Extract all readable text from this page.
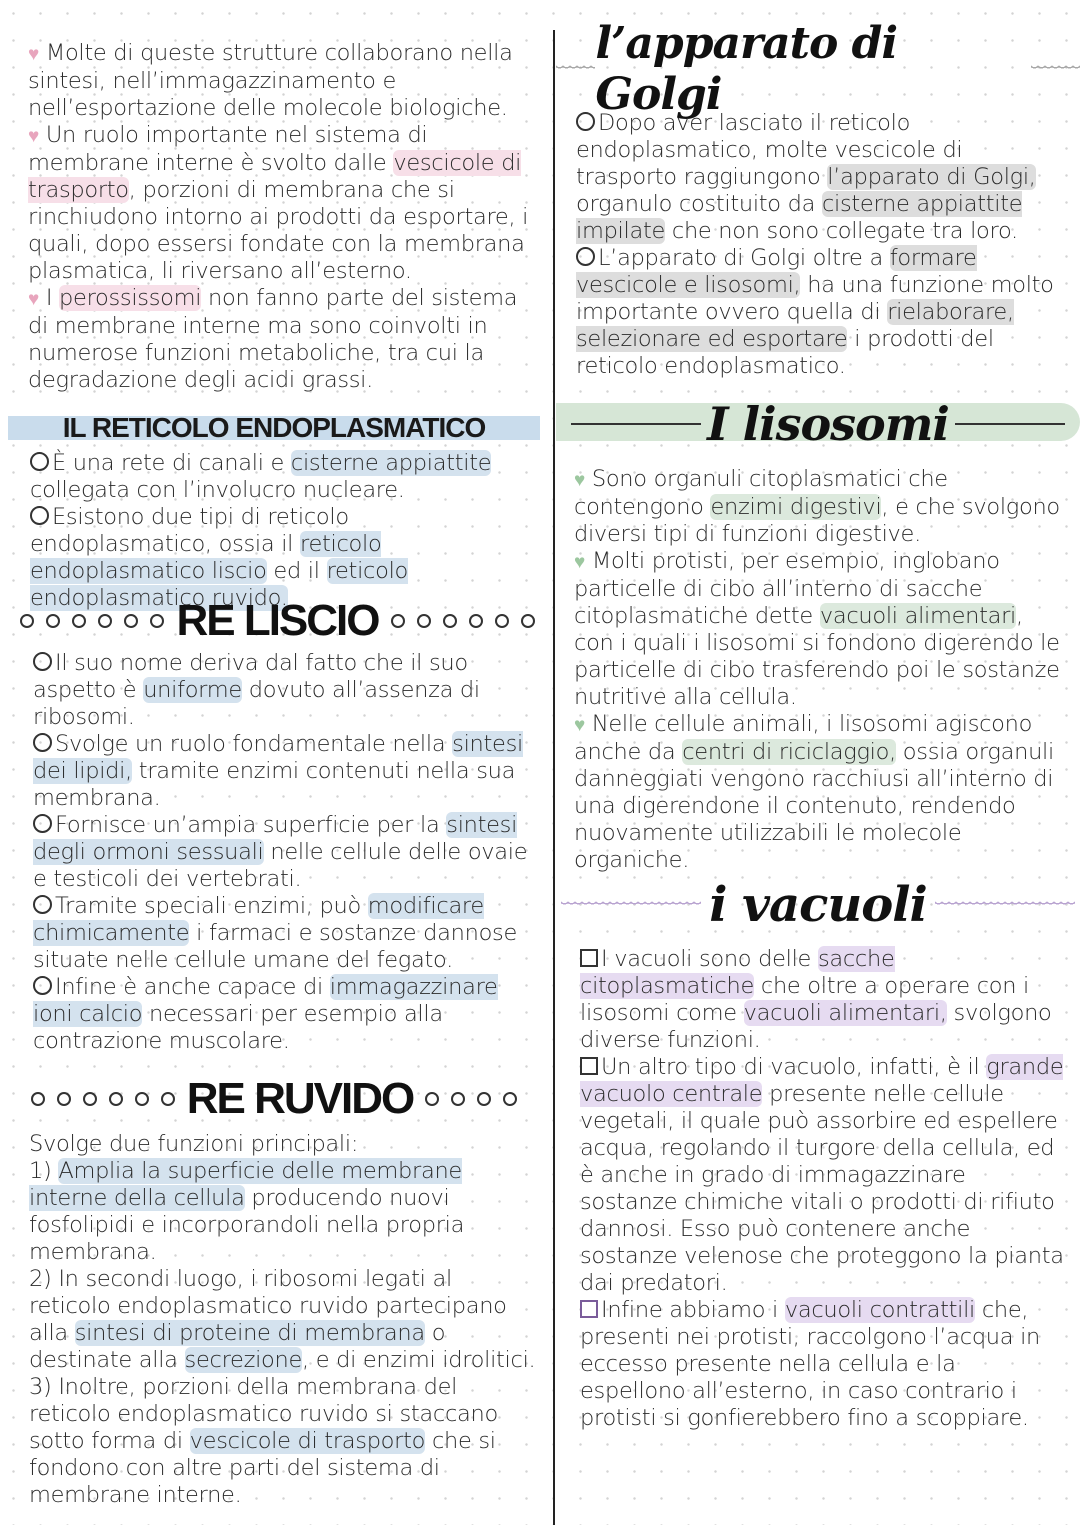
♥ Molte di queste strutture collaborano nella sintesi, nell’immagazzinamento e nell’esportazione delle molecole biologiche.

♥ Un ruolo importante nel sistema di membrane interne è svolto dalle vescicole di trasporto, porzioni di membrana che si rinchiudono intorno ai prodotti da esportare, i quali, dopo essersi fondate con la membrana plasmatica, li riversano all’esterno.

♥ I perossissomi non fanno parte del sistema di membrane interne ma sono coinvolti in numerose funzioni metaboliche, tra cui la degradazione degli acidi grassi.

IL RETICOLO ENDOPLASMATICO

È una rete di canali e cisterne appiattite collegata con l’involucro nucleare.

Esistono due tipi di reticolo endoplasmatico, ossia il reticolo endoplasmatico liscio ed il reticolo endoplasmatico ruvido.

RE LISCIO

Il suo nome deriva dal fatto che il suo aspetto è uniforme dovuto all’assenza di ribosomi.

Svolge un ruolo fondamentale nella sintesi dei lipidi, tramite enzimi contenuti nella sua membrana.

Fornisce un’ampia superficie per la sintesi degli ormoni sessuali nelle cellule delle ovaie e testicoli dei vertebrati.

Tramite speciali enzimi, può modificare chimicamente i farmaci e sostanze dannose situate nelle cellule umane del fegato.

Infine è anche capace di immagazzinare ioni calcio necessari per esempio alla contrazione muscolare.

RE RUVIDO

Svolge due funzioni principali:

1) Amplia la superficie delle membrane interne della cellula producendo nuovi fosfolipidi e incorporandoli nella propria membrana.

2) In secondi luogo, i ribosomi legati al reticolo endoplasmatico ruvido partecipano alla sintesi di proteine di membrana o destinate alla secrezione, e di enzimi idrolitici.

3) Inoltre, porzioni della membrana del reticolo endoplasmatico ruvido si staccano sotto forma di vescicole di trasporto che si fondono con altre parti del sistema di membrane interne.

l’apparato di Golgi

Dopo aver lasciato il reticolo endoplasmatico, molte vescicole di trasporto raggiungono l’apparato di Golgi, organulo costituito da cisterne appiattite impilate che non sono collegate tra loro.

L’apparato di Golgi oltre a formare vescicole e lisosomi, ha una funzione molto importante ovvero quella di rielaborare, selezionare ed esportare i prodotti del reticolo endoplasmatico.

I lisosomi

♥ Sono organuli citoplasmatici che contengono enzimi digestivi, e che svolgono diversi tipi di funzioni digestive.

♥ Molti protisti, per esempio, inglobano particelle di cibo all’interno di sacche citoplasmatiche dette vacuoli alimentari, con i quali i lisosomi si fondono digerendo le particelle di cibo trasferendo poi le sostanze nutritive alla cellula.

♥ Nelle cellule animali, i lisosomi agiscono anche da centri di riciclaggio, ossia organuli danneggiati vengono racchiusi all’interno di una digerendone il contenuto, rendendo nuovamente utilizzabili le molecole organiche.

i vacuoli

I vacuoli sono delle sacche citoplasmatiche che oltre a operare con i lisosomi come vacuoli alimentari, svolgono diverse funzioni.

Un altro tipo di vacuolo, infatti, è il grande vacuolo centrale presente nelle cellule vegetali, il quale può assorbire ed espellere acqua, regolando il turgore della cellula, ed è anche in grado di immagazzinare sostanze chimiche vitali o prodotti di rifiuto dannosi. Esso può contenere anche sostanze velenose che proteggono la pianta dai predatori.

Infine abbiamo i vacuoli contrattili che, presenti nei protisti, raccolgono l’acqua in eccesso presente nella cellula e la espellono all’esterno, in caso contrario i protisti si gonfierebbero fino a scoppiare.
